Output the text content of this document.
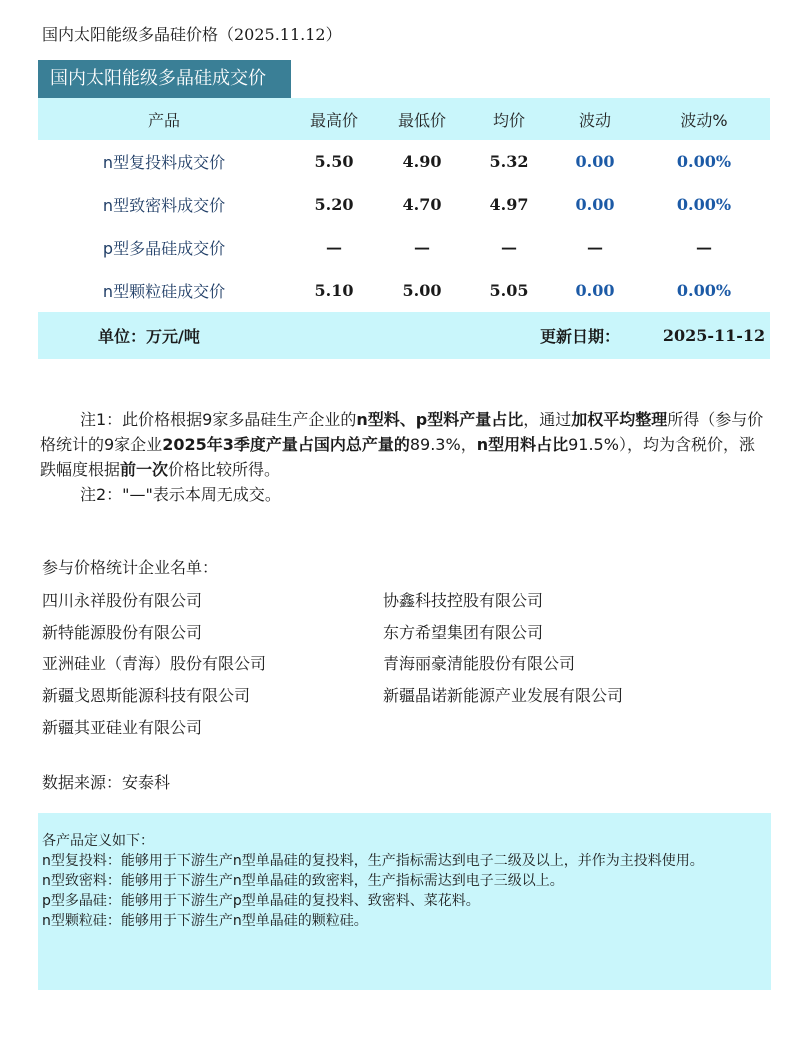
国内太阳能级多晶硅价格（2025.11.12）
国内太阳能级多晶硅成交价
产品	最高价	最低价	均价	波动	波动%
n型复投料成交价	5.50	4.90	5.32	0.00	0.00%
n型致密料成交价	5.20	4.70	4.97	0.00	0.00%
p型多晶硅成交价	—	—	—	—	—
n型颗粒硅成交价	5.10	5.00	5.05	0.00	0.00%
单位：万元/吨	更新日期：	2025-11-12

注1：此价格根据9家多晶硅生产企业的n型料、p型料产量占比，通过加权平均整理所得（参与价格统计的9家企业2025年3季度产量占国内总产量的89.3%，n型用料占比91.5%），均为含税价，涨跌幅度根据前一次价格比较所得。

注2："—"表示本周无成交。

参与价格统计企业名单：
四川永祥股份有限公司	协鑫科技控股有限公司
新特能源股份有限公司	东方希望集团有限公司
亚洲硅业（青海）股份有限公司	青海丽豪清能股份有限公司
新疆戈恩斯能源科技有限公司	新疆晶诺新能源产业发展有限公司
新疆其亚硅业有限公司
数据来源：安泰科
各产品定义如下：
n型复投料：能够用于下游生产n型单晶硅的复投料，生产指标需达到电子二级及以上，并作为主投料使用。
n型致密料：能够用于下游生产n型单晶硅的致密料，生产指标需达到电子三级以上。
p型多晶硅：能够用于下游生产p型单晶硅的复投料、致密料、菜花料。
n型颗粒硅：能够用于下游生产n型单晶硅的颗粒硅。
